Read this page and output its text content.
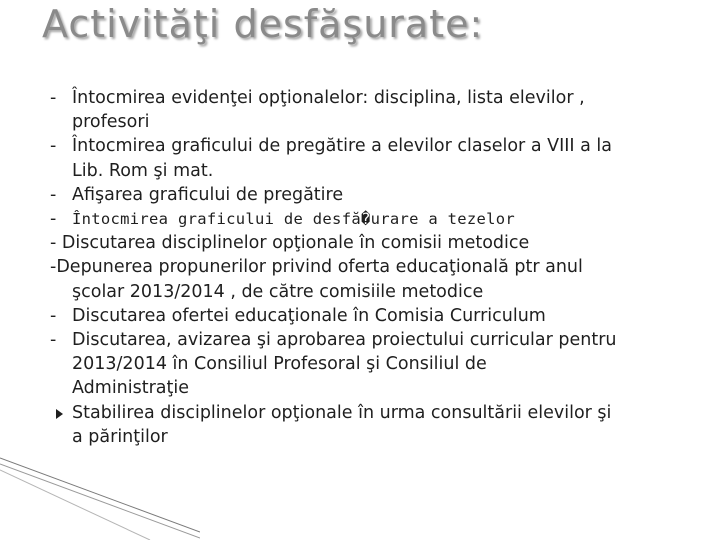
Activităţi desfăşurate:
- Întocmirea evidenţei opţionalelor: disciplina, lista elevilor ,
profesori
- Întocmirea graficului de pregătire a elevilor claselor a VIII a la
Lib. Rom şi mat.
- Afişarea graficului de pregătire
-	Întocmirea graficului de desfă�urare a tezelor
- Discutarea disciplinelor opţionale în comisii metodice
-Depunerea propunerilor privind oferta educaţională ptr anul
şcolar 2013/2014 , de către comisiile metodice
- Discutarea ofertei educaţionale în Comisia Curriculum
- Discutarea, avizarea şi aprobarea proiectului curricular pentru
2013/2014 în Consiliul Profesoral şi Consiliul de
Administraţie
Stabilirea disciplinelor opţionale în urma consultării elevilor şi
a părinţilor
